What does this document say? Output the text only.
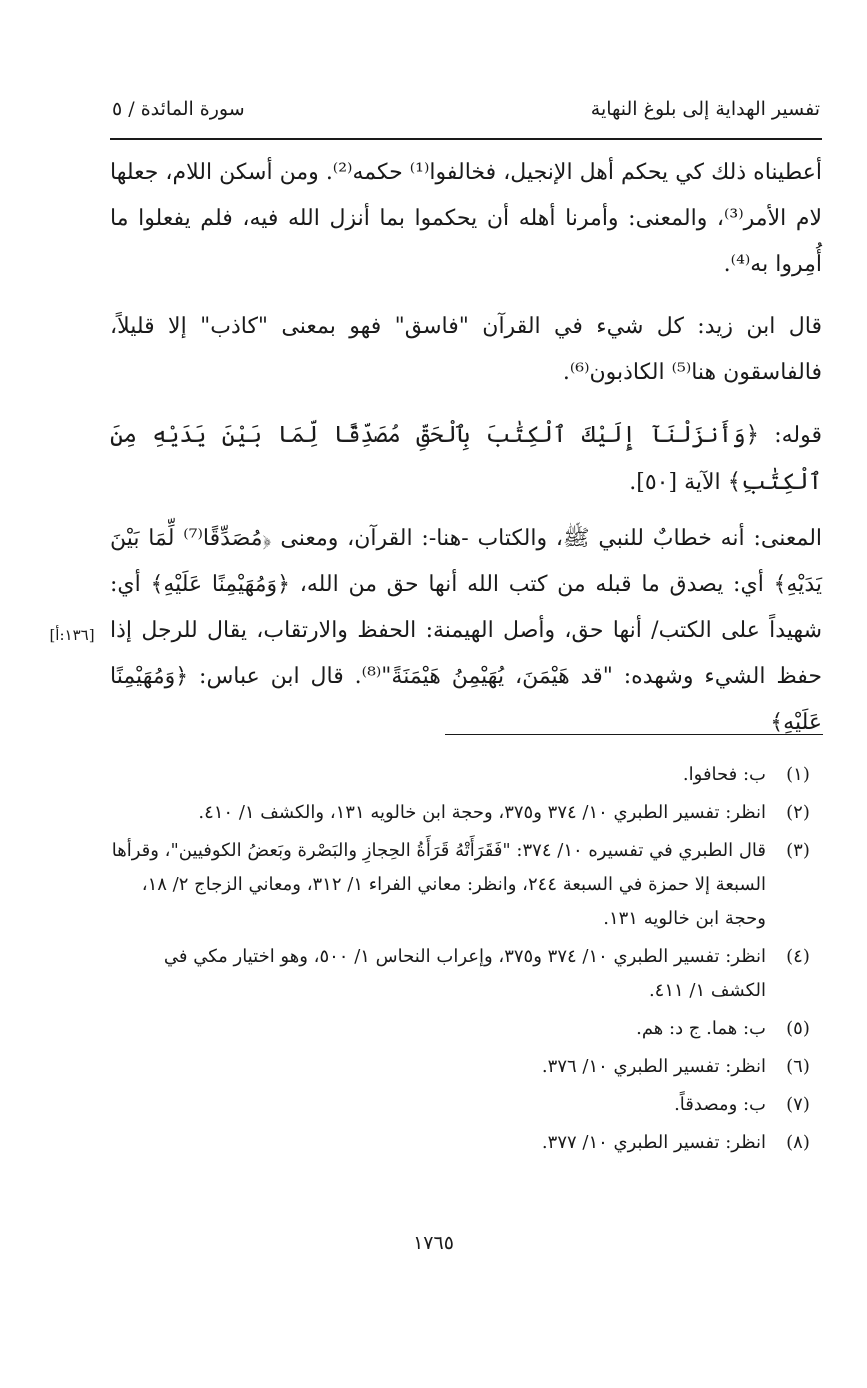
تفسير الهداية إلى بلوغ النهاية
سورة المائدة / ٥

أعطيناه ذلك كي يحكم أهل الإنجيل، فخالفوا⁽¹⁾ حكمه⁽²⁾. ومن أسكن اللام، جعلها لام الأمر⁽³⁾، والمعنى: وأمرنا أهله أن يحكموا بما أنزل الله فيه، فلم يفعلوا ما أُمِروا به⁽⁴⁾.

قال ابن زيد: كل شيء في القرآن "فاسق" فهو بمعنى "كاذب" إلا قليلاً، فالفاسقون هنا⁽⁵⁾ الكاذبون⁽⁶⁾.

قوله: ﴿وَأَنزَلْنَآ إِلَيْكَ ٱلْكِتَٰبَ بِٱلْحَقِّ مُصَدِّقًا لِّمَا بَيْنَ يَدَيْهِ مِنَ ٱلْكِتَٰبِ﴾ الآية [٥٠].

المعنى: أنه خطابٌ للنبي ﷺ، والكتاب -هنا-: القرآن، ومعنى ﴿مُصَدِّقًا⁽⁷⁾ لِّمَا بَيْنَ يَدَيْهِ﴾ أي: يصدق ما قبله من كتب الله أنها حق من الله، ﴿وَمُهَيْمِنًا عَلَيْهِ﴾ أي: شهيداً على الكتب/ أنها حق، وأصل الهيمنة: الحفظ والارتقاب، يقال للرجل إذا حفظ الشيء وشهده: "قد هَيْمَنَ، يُهَيْمِنُ هَيْمَنَةً"⁽⁸⁾. قال ابن عباس: ﴿وَمُهَيْمِنًا عَلَيْهِ﴾

[١٣٦:أ]
(١)
ب: فحافوا.
(٢)
انظر: تفسير الطبري ١٠/ ٣٧٤ و٣٧٥، وحجة ابن خالويه ١٣١، والكشف ١/ ٤١٠.
(٣)
قال الطبري في تفسيره ١٠/ ٣٧٤: "فَقَرَأَتْهُ قَرَأَةُ الحِجازِ والبَصْرة وبَعضُ الكوفيين"، وقرأها السبعة إلا حمزة في السبعة ٢٤٤، وانظر: معاني الفراء ١/ ٣١٢، ومعاني الزجاج ٢/ ١٨، وحجة ابن خالويه ١٣١.
(٤)
انظر: تفسير الطبري ١٠/ ٣٧٤ و٣٧٥، وإعراب النحاس ١/ ٥٠٠، وهو اختيار مكي في الكشف ١/ ٤١١.
(٥)
ب: هما. ج د: هم.
(٦)
انظر: تفسير الطبري ١٠/ ٣٧٦.
(٧)
ب: ومصدقاً.
(٨)
انظر: تفسير الطبري ١٠/ ٣٧٧.
١٧٦٥
